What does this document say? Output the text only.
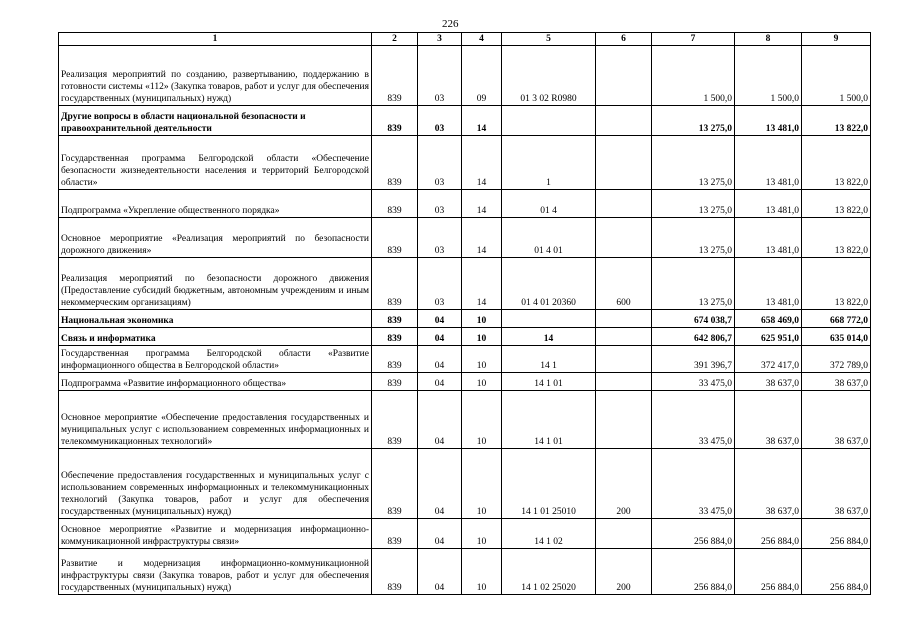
226
1	2	3	4	5	6	7	8	9
Реализация мероприятий по созданию, развертыванию, поддержанию в готовности системы «112» (Закупка товаров, работ и услуг для обеспечения государственных (муниципальных) нужд)	839	03	09	01 3 02 R0980		1 500,0	1 500,0	1 500,0
Другие вопросы в области национальной безопасности и правоохранительной деятельности	839	03	14			13 275,0	13 481,0	13 822,0
Государственная программа Белгородской области «Обеспечение безопасности жизнедеятельности населения и территорий Белгородской области»	839	03	14	1		13 275,0	13 481,0	13 822,0
Подпрограмма «Укрепление общественного порядка»	839	03	14	01 4		13 275,0	13 481,0	13 822,0
Основное мероприятие «Реализация мероприятий по безопасности дорожного движения»	839	03	14	01 4 01		13 275,0	13 481,0	13 822,0
Реализация мероприятий по безопасности дорожного движения (Предоставление субсидий бюджетным, автономным учреждениям и иным некоммерческим организациям)	839	03	14	01 4 01 20360	600	13 275,0	13 481,0	13 822,0
Национальная экономика	839	04	10			674 038,7	658 469,0	668 772,0
Связь и информатика	839	04	10	14		642 806,7	625 951,0	635 014,0
Государственная программа Белгородской области «Развитие информационного общества в Белгородской области»	839	04	10	14 1		391 396,7	372 417,0	372 789,0
Подпрограмма «Развитие информационного общества»	839	04	10	14 1 01		33 475,0	38 637,0	38 637,0
Основное мероприятие «Обеспечение предоставления государственных и муниципальных услуг с использованием современных информационных и телекоммуникационных технологий»	839	04	10	14 1 01		33 475,0	38 637,0	38 637,0
Обеспечение предоставления государственных и муниципальных услуг с использованием современных информационных и телекоммуникационных технологий (Закупка товаров, работ и услуг для обеспечения государственных (муниципальных) нужд)	839	04	10	14 1 01 25010	200	33 475,0	38 637,0	38 637,0
Основное мероприятие «Развитие и модернизация информационно-коммуникационной инфраструктуры связи»	839	04	10	14 1 02		256 884,0	256 884,0	256 884,0
Развитие и модернизация информационно-коммуникационной инфраструктуры связи (Закупка товаров, работ и услуг для обеспечения государственных (муниципальных) нужд)	839	04	10	14 1 02 25020	200	256 884,0	256 884,0	256 884,0
